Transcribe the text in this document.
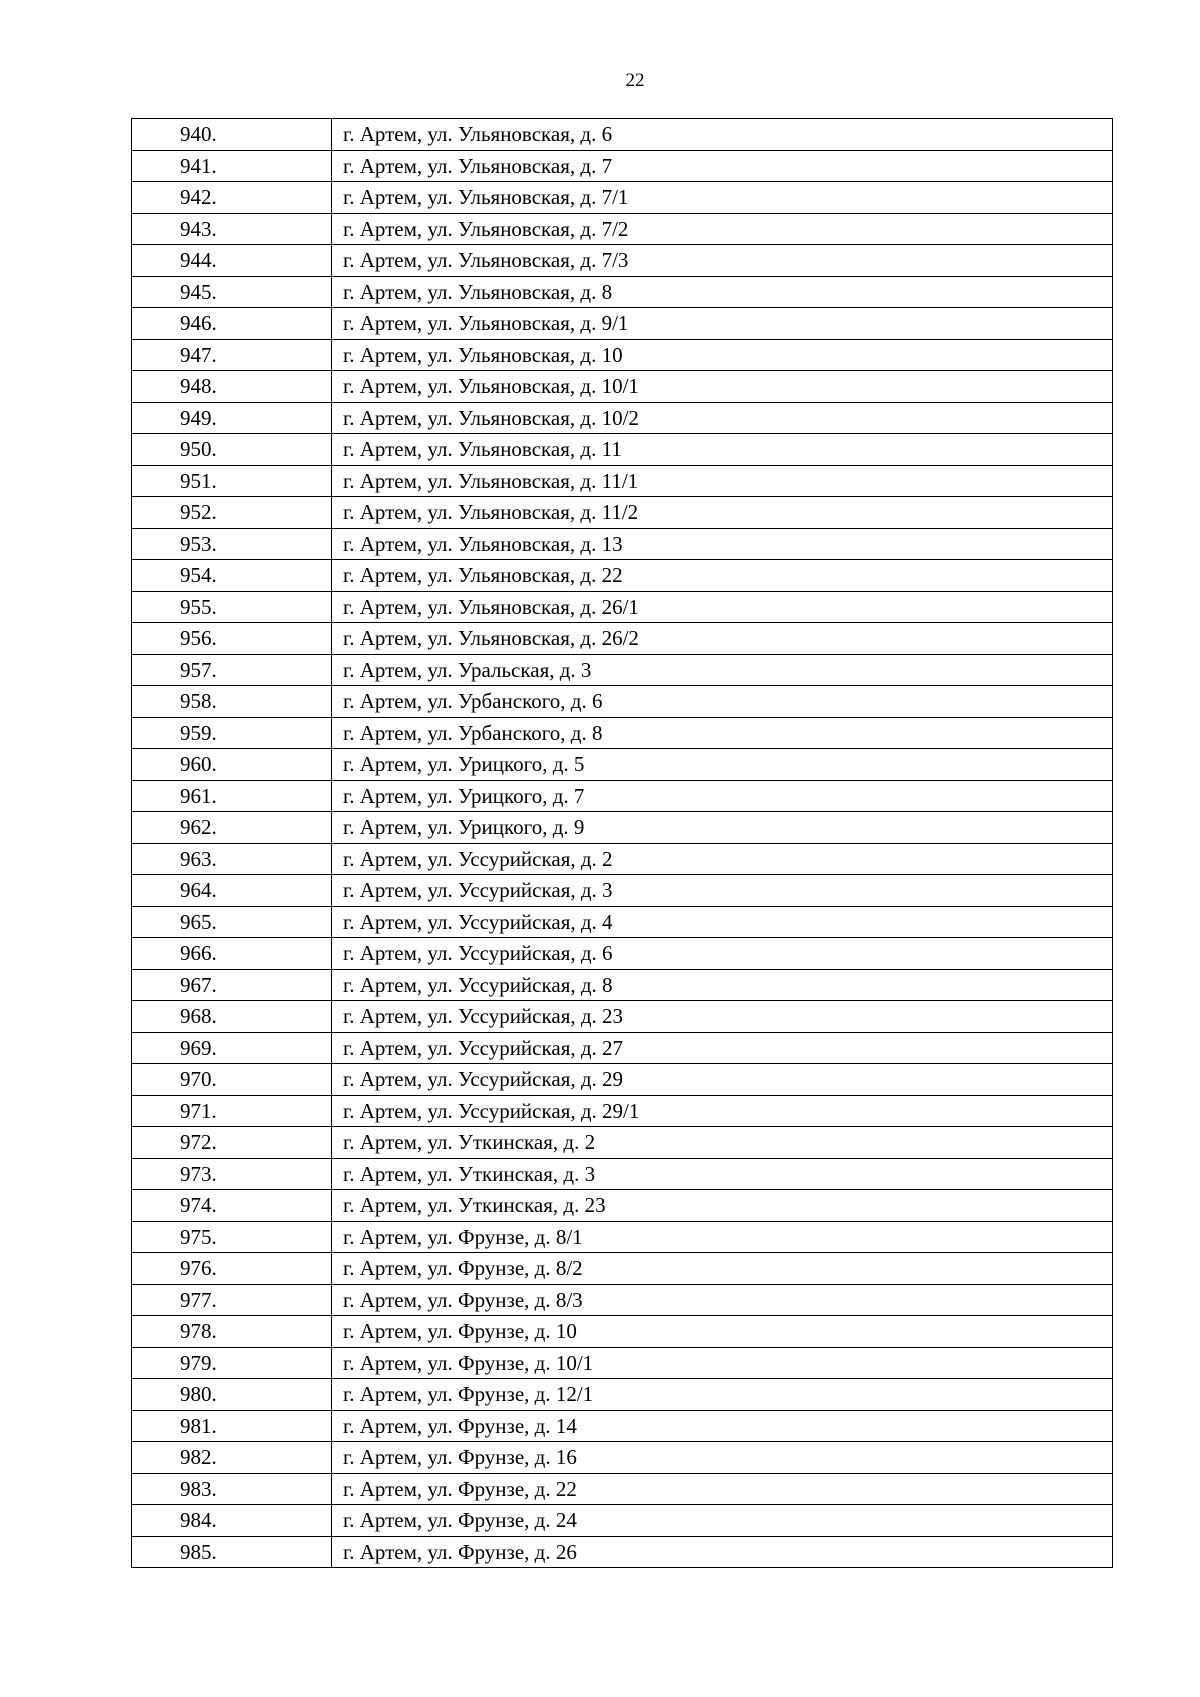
22
940.	г. Артем, ул. Ульяновская, д. 6
941.	г. Артем, ул. Ульяновская, д. 7
942.	г. Артем, ул. Ульяновская, д. 7/1
943.	г. Артем, ул. Ульяновская, д. 7/2
944.	г. Артем, ул. Ульяновская, д. 7/3
945.	г. Артем, ул. Ульяновская, д. 8
946.	г. Артем, ул. Ульяновская, д. 9/1
947.	г. Артем, ул. Ульяновская, д. 10
948.	г. Артем, ул. Ульяновская, д. 10/1
949.	г. Артем, ул. Ульяновская, д. 10/2
950.	г. Артем, ул. Ульяновская, д. 11
951.	г. Артем, ул. Ульяновская, д. 11/1
952.	г. Артем, ул. Ульяновская, д. 11/2
953.	г. Артем, ул. Ульяновская, д. 13
954.	г. Артем, ул. Ульяновская, д. 22
955.	г. Артем, ул. Ульяновская, д. 26/1
956.	г. Артем, ул. Ульяновская, д. 26/2
957.	г. Артем, ул. Уральская, д. 3
958.	г. Артем, ул. Урбанского, д. 6
959.	г. Артем, ул. Урбанского, д. 8
960.	г. Артем, ул. Урицкого, д. 5
961.	г. Артем, ул. Урицкого, д. 7
962.	г. Артем, ул. Урицкого, д. 9
963.	г. Артем, ул. Уссурийская, д. 2
964.	г. Артем, ул. Уссурийская, д. 3
965.	г. Артем, ул. Уссурийская, д. 4
966.	г. Артем, ул. Уссурийская, д. 6
967.	г. Артем, ул. Уссурийская, д. 8
968.	г. Артем, ул. Уссурийская, д. 23
969.	г. Артем, ул. Уссурийская, д. 27
970.	г. Артем, ул. Уссурийская, д. 29
971.	г. Артем, ул. Уссурийская, д. 29/1
972.	г. Артем, ул. Уткинская, д. 2
973.	г. Артем, ул. Уткинская, д. 3
974.	г. Артем, ул. Уткинская, д. 23
975.	г. Артем, ул. Фрунзе, д. 8/1
976.	г. Артем, ул. Фрунзе, д. 8/2
977.	г. Артем, ул. Фрунзе, д. 8/3
978.	г. Артем, ул. Фрунзе, д. 10
979.	г. Артем, ул. Фрунзе, д. 10/1
980.	г. Артем, ул. Фрунзе, д. 12/1
981.	г. Артем, ул. Фрунзе, д. 14
982.	г. Артем, ул. Фрунзе, д. 16
983.	г. Артем, ул. Фрунзе, д. 22
984.	г. Артем, ул. Фрунзе, д. 24
985.	г. Артем, ул. Фрунзе, д. 26
